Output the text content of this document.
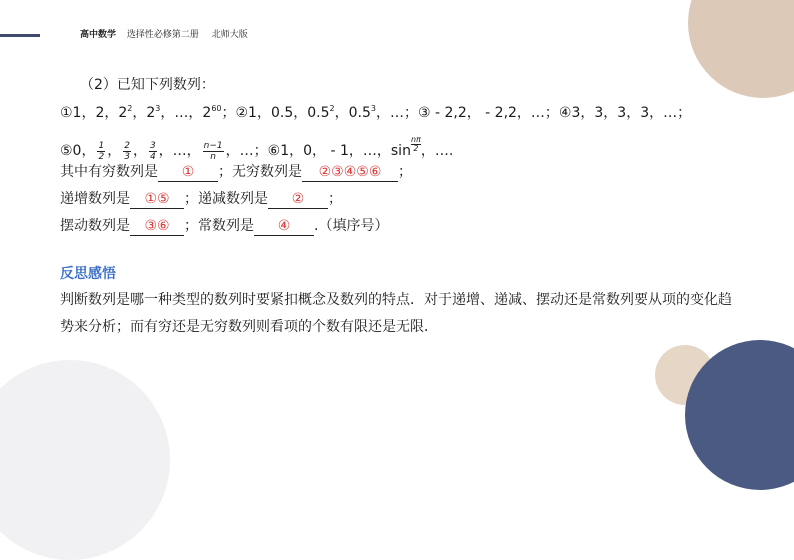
高中数学 选择性必修第二册 北师大版
（2）已知下列数列：
①1，2，$2^2$，$2^3$，…，$2^{60}$；②1，0.5，$0.5^2$，$0.5^3$，…；③ - 2,2， - 2,2，…；④3，3，3，3，…；
⑤0， $\frac{1}{2}$ ， $\frac{2}{3}$ ， $\frac{3}{4}$ ，…， $\frac{n-1}{n}$ ，…；⑥1，0， - 1，…，$\sin \frac{n\pi}{2}$ ，….
其中有穷数列是 ① ；无穷数列是 ②③④⑤⑥ ；
递增数列是 ①⑤ ；递减数列是 ② ；
摆动数列是 ③⑥ ；常数列是 ④ .（填序号）
反思感悟
判断数列是哪一种类型的数列时要紧扣概念及数列的特点．对于递增、递减、摆动还是常数列要从项的变化趋势来分析；而有穷还是无穷数列则看项的个数有限还是无限．
